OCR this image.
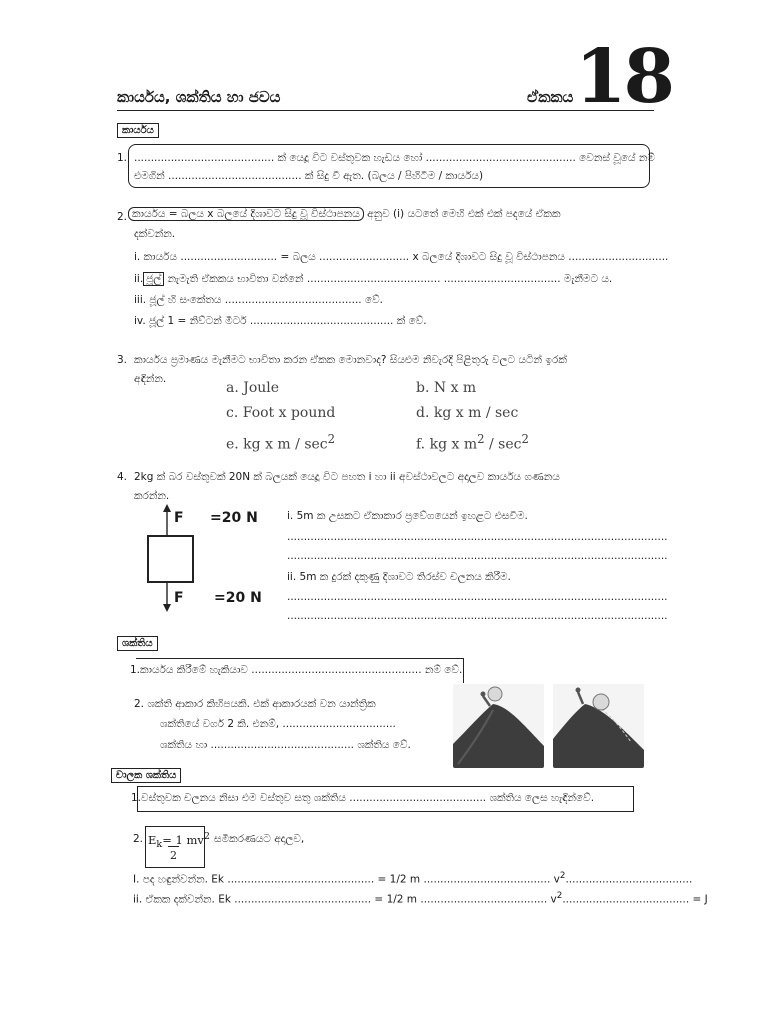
කාර්යය, ශක්තිය හා ජවය	ඒකකය 18
කාර්යය
1. .......................................... ක් යෙදූ විට වස්තුවක හැඩය හෝ ............................................. වෙනස් වූයේ නම්
එමගින් ........................................ ක් සිදු වී ඇත. (බලය / පිහිටීම / කාර්යය)
2. කාර්යය = බලය x බලයේ දිශාවට සිදු වූ විස්ථාපනය අනුව (i) යටතේ මෙහි එක් එක් පදයේ ඒකක
දක්වන්න.
i. කාර්යය ............................. = බලය ........................... x බලයේ දිශාවට සිදු වූ විස්ථාපනය ..............................
ii. ජූල් නැමැති ඒකකය භාවිතා වන්නේ ........................................ ................................... මැනීමට ය.
iii. ජූල් හි සංකේතය ......................................... වේ.
iv. ජූල් 1 = නිව්ටන් මීටර් ........................................... ක් වේ.
3. කාර්යය ප්‍රමාණය මැනීමට භාවිතා කරන ඒකක මොනවාද? සියළුම නිවැරදි පිළිතුරු වලට යටින් ඉරක්
අඳින්න.
a. Joule	b. N x m
c. Foot x pound	d. kg x m / sec
e. kg x m / $\sec^2$	f. kg x $m^2 / \sec^2$
4. 2kg ක් බර වස්තුවක් 20N ක් බලයක් යෙදූ විට පහත i හා ii අවස්ථාවලට අදාලව කාර්යය ගණනය
කරන්න.
F =20 N
F =20 N
i. 5m ක උසකට ඒකාකාර ප්‍රවේගයෙන් ඉහළට එසවීම.
..................................................................................................................
..................................................................................................................
ii. 5m ක දුරක් දකුණු දිශාවට තිරස්ව චලනය කිරීම.
..................................................................................................................
..................................................................................................................
ශක්තිය
1.කාර්යය කිරීමේ හැකියාව ................................................... නම් වේ.
2. ශක්ති ආකාර කිහිපයකි. එක් ආකාරයක් වන යාන්ත්‍රික
ශක්තියේ වර්ග 2 කි. එනම්, ..................................
ශක්තිය හා ........................................... ශක්තිය වේ.
චාලක ශක්තිය
1.වස්තුවක චලනය නිසා එම වස්තුව සතු ශක්තිය ......................................... ශක්තිය ලෙස හැඳින්වේ.
2. $E_k= 1$ $mv^2$
2
සමීකරණයට අදාලව,
I. පද හඳුන්වන්න. Ek ............................................ = 1/2 m ...................................... $v^2$......................................
ii. ඒකක දක්වන්න. Ek ......................................... = 1/2 m ...................................... $v^2$...................................... = J
